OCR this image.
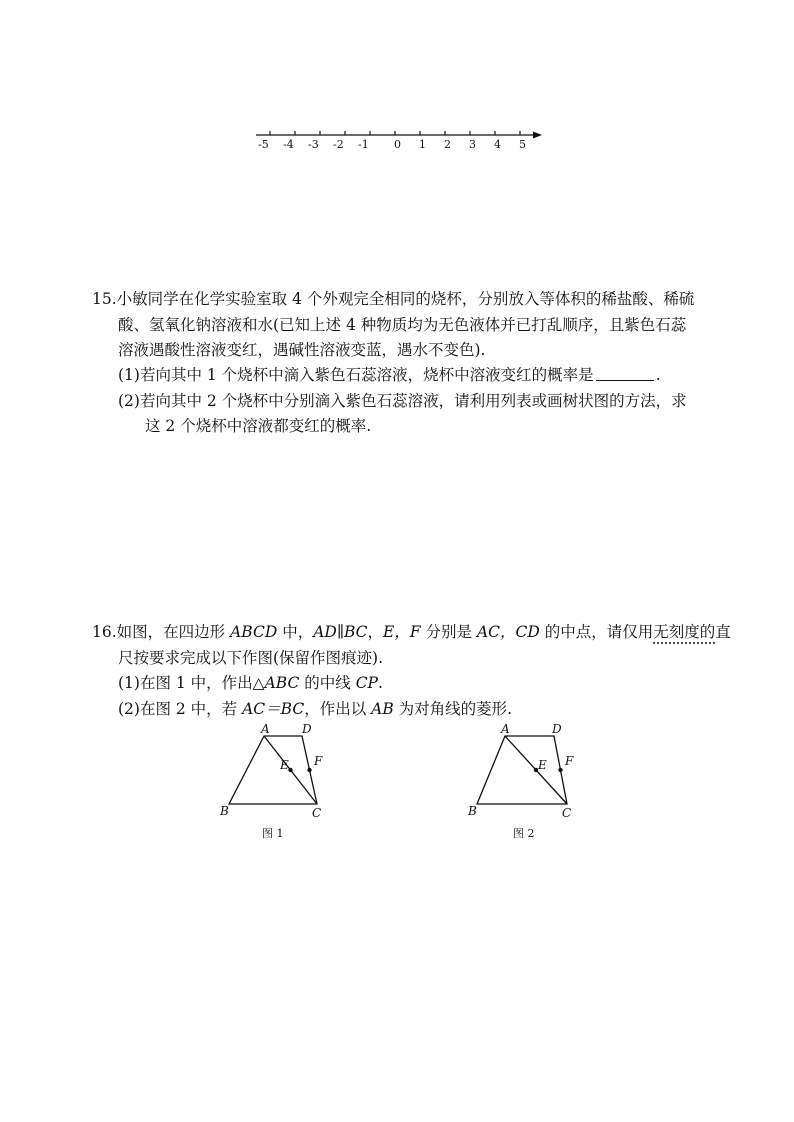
-5 -4 -3 -2 -1 0 1 2 3 4 5
15.小敏同学在化学实验室取 4 个外观完全相同的烧杯，分别放入等体积的稀盐酸、稀硫
酸、氢氧化钠溶液和水(已知上述 4 种物质均为无色液体并已打乱顺序，且紫色石蕊
溶液遇酸性溶液变红，遇碱性溶液变蓝，遇水不变色).
(1)若向其中 1 个烧杯中滴入紫色石蕊溶液，烧杯中溶液变红的概率是	.
(2)若向其中 2 个烧杯中分别滴入紫色石蕊溶液，请利用列表或画树状图的方法，求
这 2 个烧杯中溶液都变红的概率.
16.如图，在四边形 ABCD 中，AD∥BC，E，F 分别是 AC，CD 的中点，请仅用无刻度的直
尺按要求完成以下作图(保留作图痕迹).
(1)在图 1 中，作出△ABC 的中线 CP.
(2)在图 2 中，若 AC＝BC，作出以 AB 为对角线的菱形.
A	D
E F
B	C
图 1
A	D
E F
B	C
图 2
